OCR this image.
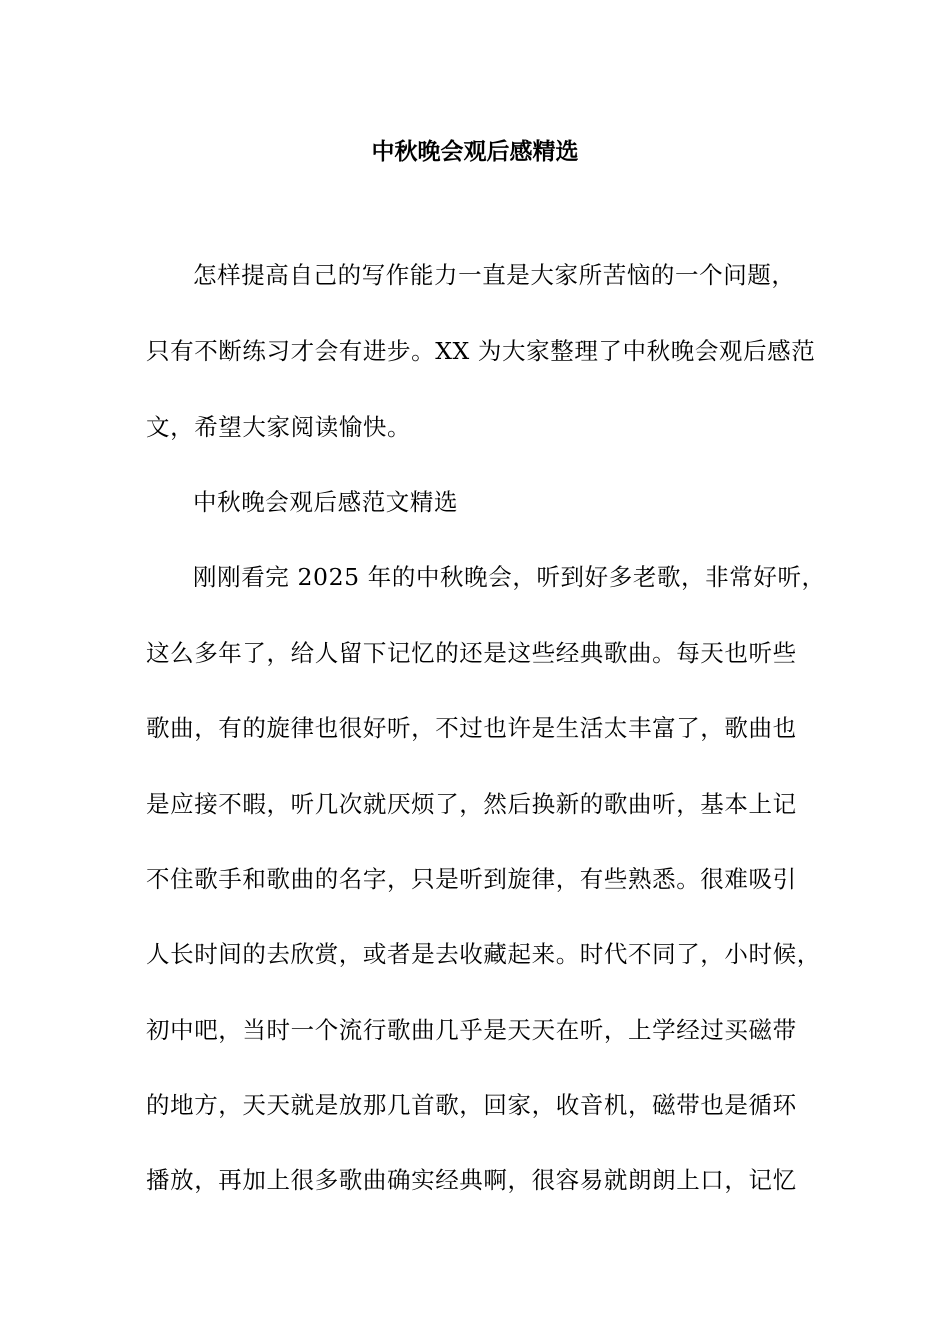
中秋晚会观后感精选
怎样提高自己的写作能力一直是大家所苦恼的一个问题，
只有不断练习才会有进步。XX 为大家整理了中秋晚会观后感范
文，希望大家阅读愉快。
中秋晚会观后感范文精选
刚刚看完 2025 年的中秋晚会，听到好多老歌，非常好听，
这么多年了，给人留下记忆的还是这些经典歌曲。每天也听些
歌曲，有的旋律也很好听，不过也许是生活太丰富了，歌曲也
是应接不暇，听几次就厌烦了，然后换新的歌曲听，基本上记
不住歌手和歌曲的名字，只是听到旋律，有些熟悉。很难吸引
人长时间的去欣赏，或者是去收藏起来。时代不同了，小时候，
初中吧，当时一个流行歌曲几乎是天天在听，上学经过买磁带
的地方，天天就是放那几首歌，回家，收音机，磁带也是循环
播放，再加上很多歌曲确实经典啊，很容易就朗朗上口，记忆
